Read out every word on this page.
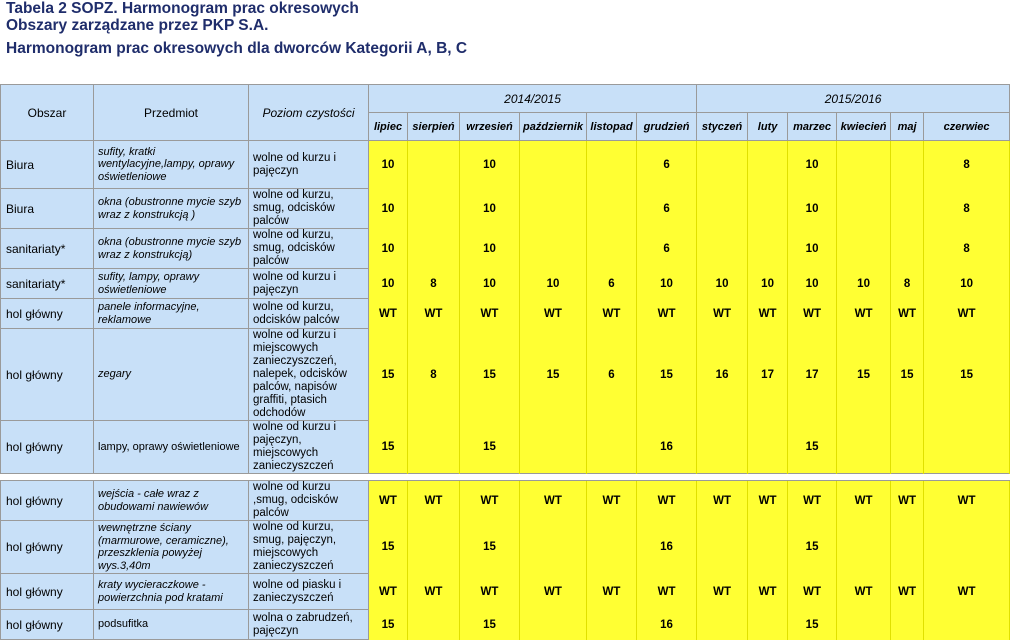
Tabela 2 SOPZ. Harmonogram prac okresowych
Obszary zarządzane przez PKP S.A.
Harmonogram prac okresowych dla dworców Kategorii A, B, C
Obszar	Przedmiot	Poziom czystości	2014/2015						2015/2016					
			lipiec	sierpień	wrzesień	październik	listopad	grudzień	styczeń	luty	marzec	kwiecień	maj	czerwiec
Biura	sufity, kratki wentylacyjne,lampy, oprawy oświetleniowe	wolne od kurzu i pajęczyn	10		10			6			10			8
Biura	okna (obustronne mycie szyb wraz z konstrukcją )	wolne od kurzu, smug, odcisków palców	10		10			6			10			8
sanitariaty*	okna (obustronne mycie szyb wraz z konstrukcją)	wolne od kurzu, smug, odcisków palców	10		10			6			10			8
sanitariaty*	sufity, lampy, oprawy oświetleniowe	wolne od kurzu i pajęczyn	10	8	10	10	6	10	10	10	10	10	8	10
hol główny	panele informacyjne, reklamowe	wolne od kurzu, odcisków palców	WT	WT	WT	WT	WT	WT	WT	WT	WT	WT	WT	WT
hol główny	zegary	wolne od kurzu i miejscowych zanieczyszczeń, nalepek, odcisków palców, napisów graffiti, ptasich odchodów	15	8	15	15	6	15	16	17	17	15	15	15
hol główny	lampy, oprawy oświetleniowe	wolne od kurzu i pajęczyn, miejscowych zanieczyszczeń	15		15			16			15			

hol główny	wejścia - całe wraz z obudowami nawiewów	wolne od kurzu ,smug, odcisków palców	WT	WT	WT	WT	WT	WT	WT	WT	WT	WT	WT	WT
hol główny	wewnętrzne ściany (marmurowe, ceramiczne), przeszklenia powyżej wys.3,40m	wolne od kurzu, smug, pajęczyn, miejscowych zanieczyszczeń	15		15			16			15			
hol główny	kraty wycieraczkowe - powierzchnia pod kratami	wolne od piasku i zanieczyszczeń	WT	WT	WT	WT	WT	WT	WT	WT	WT	WT	WT	WT
hol główny	podsufitka	wolna o zabrudzeń, pajęczyn	15		15			16			15			
